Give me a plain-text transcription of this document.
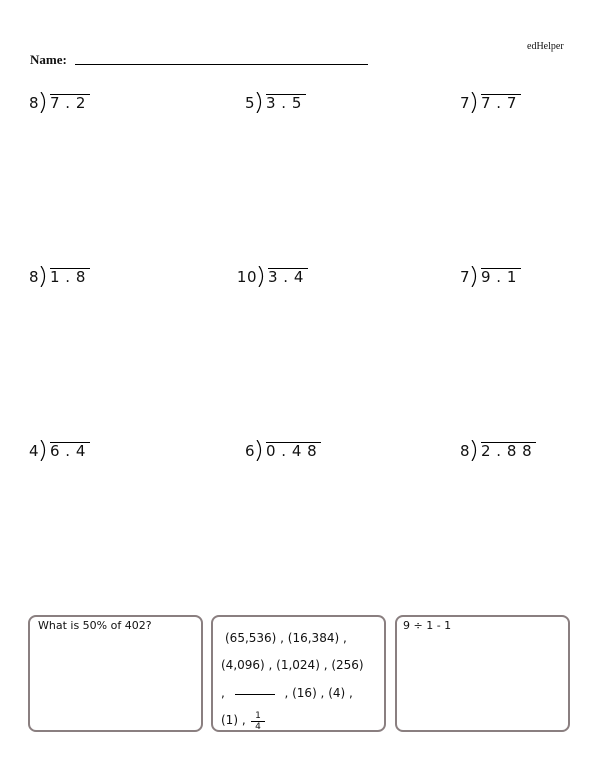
edHelper
Name:
8 7 . 2	5 3 . 5	7 7 . 7
8 1 . 8	10 3 . 4	7 9 . 1
4 6 . 4	6 0 . 4 8	8 2 . 8 8
What is 50% of 402?
(65,536) , (16,384) ,
(4,096) , (1,024) , (256)
,	, (16) , (4) ,
(1) , $\frac{1}{4}$
9 ÷ 1 - 1
